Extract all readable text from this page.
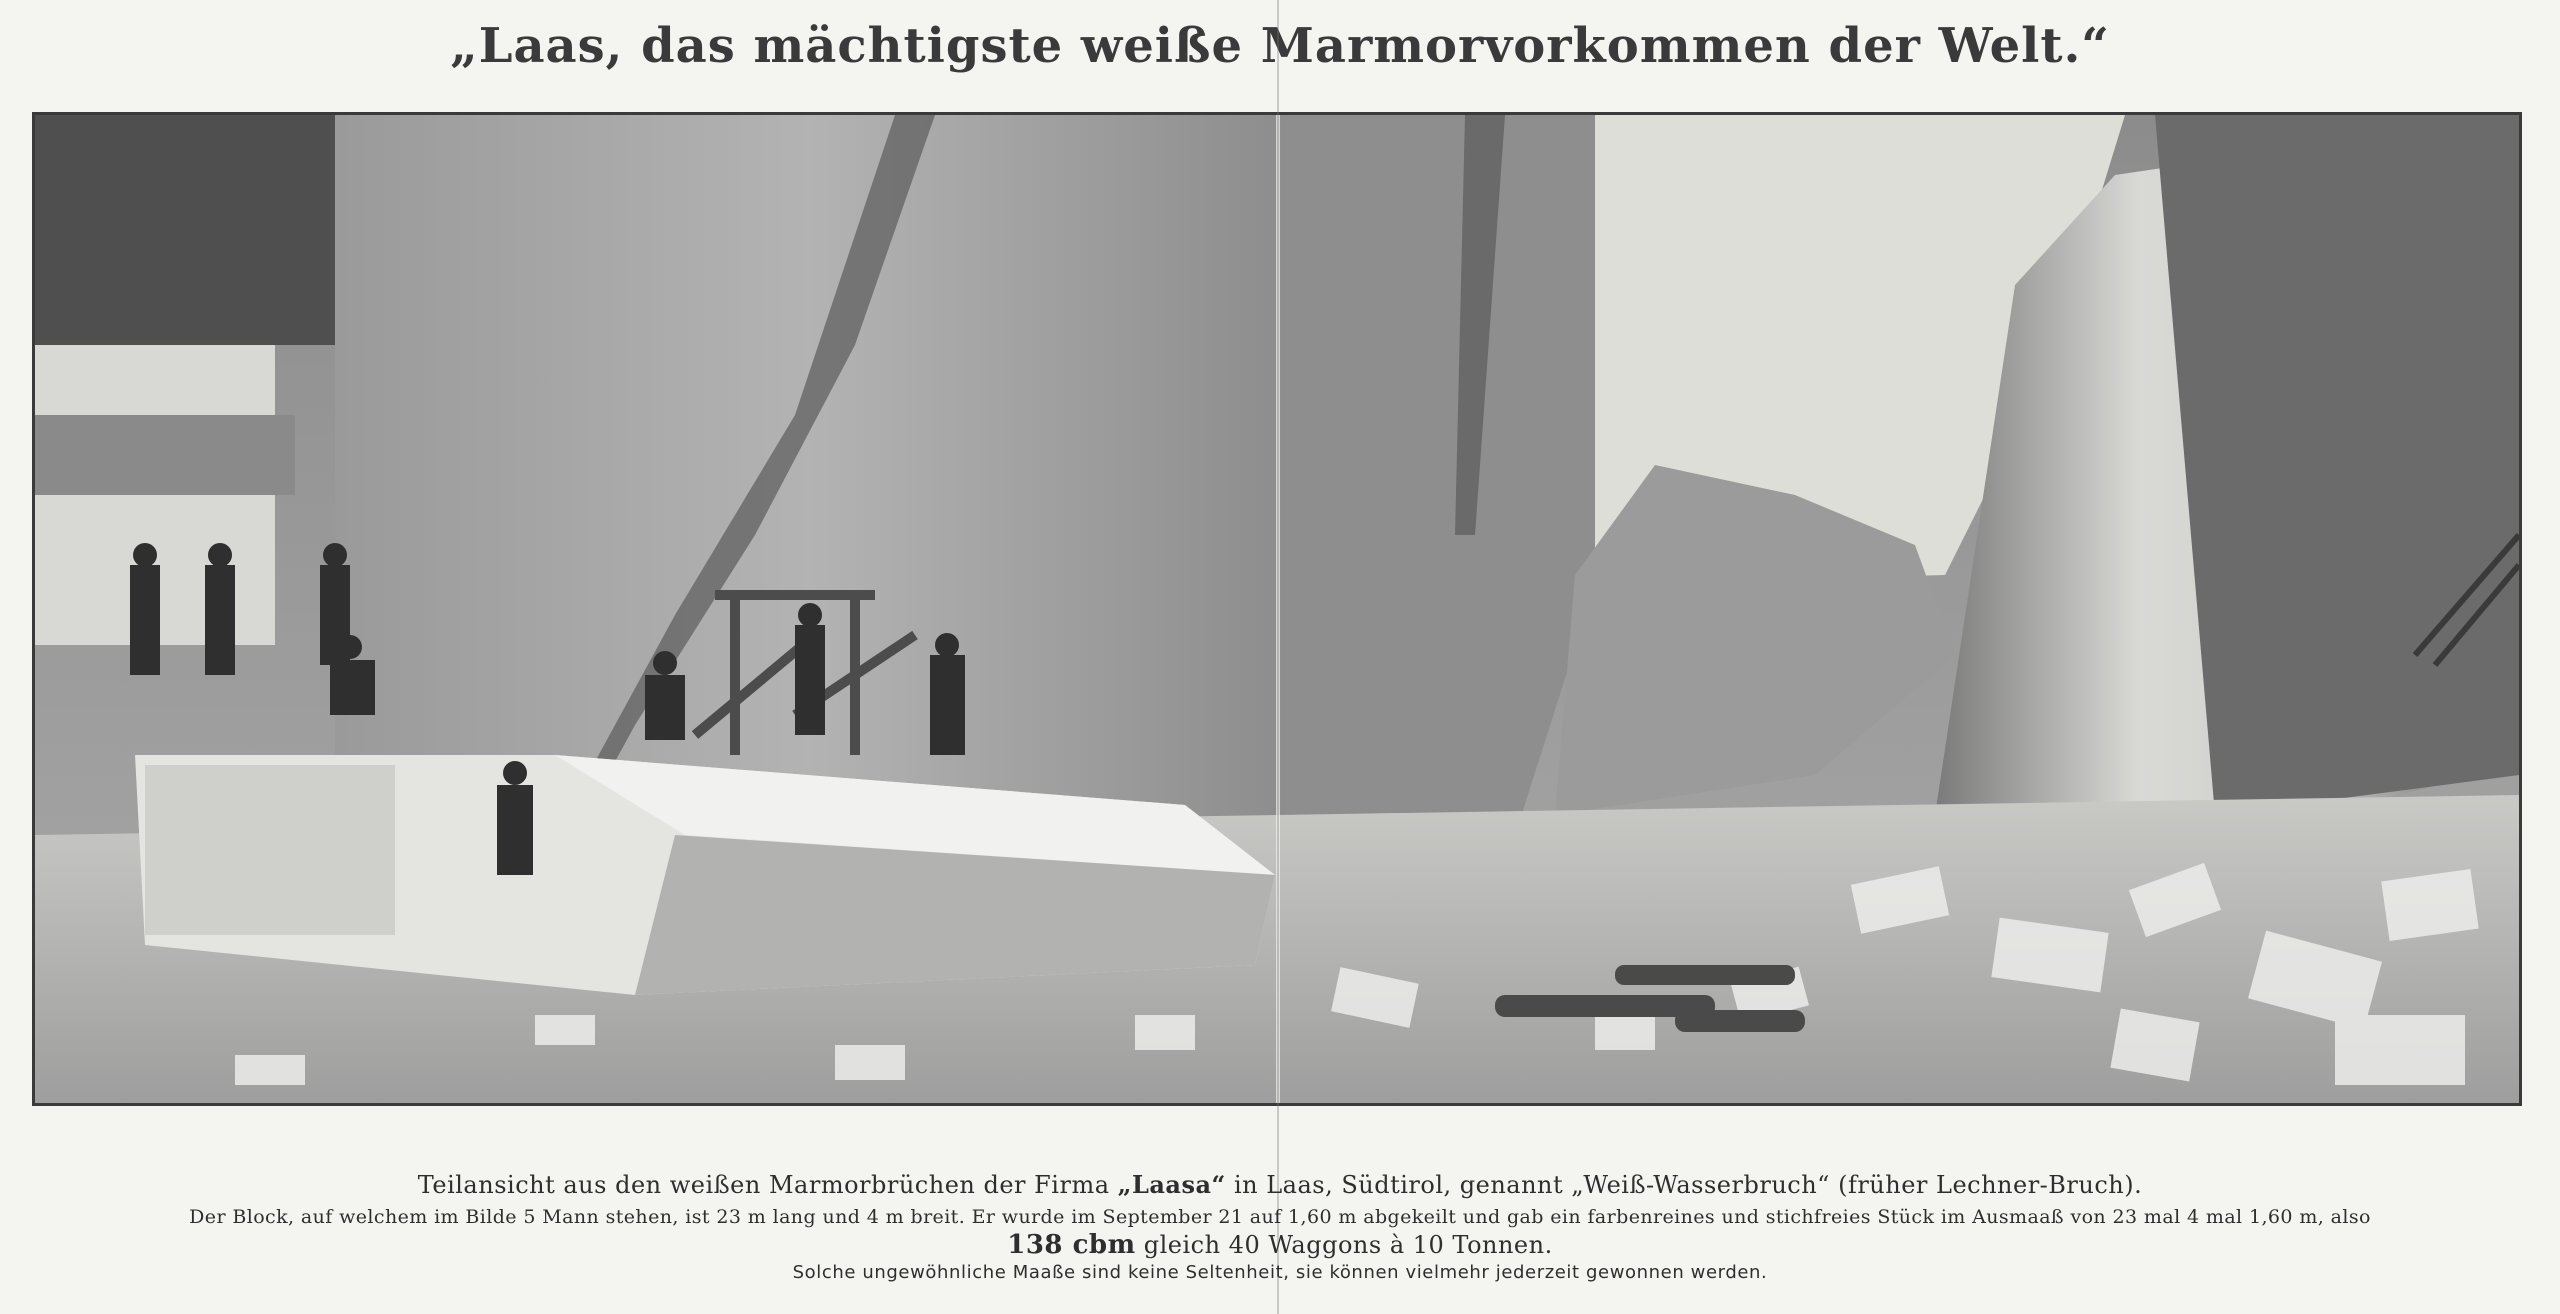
„Laas, das mächtigste weiße Marmorvorkommen der Welt.“
Teilansicht aus den weißen Marmorbrüchen der Firma „Laasa“ in Laas, Südtirol, genannt „Weiß-Wasserbruch“ (früher Lechner-Bruch).
Der Block, auf welchem im Bilde 5 Mann stehen, ist 23 m lang und 4 m breit. Er wurde im September 21 auf 1,60 m abgekeilt und gab ein farbenreines und stichfreies Stück im Ausmaaß von 23 mal 4 mal 1,60 m, also
138 cbm gleich 40 Waggons à 10 Tonnen.
Solche ungewöhnliche Maaße sind keine Seltenheit, sie können vielmehr jederzeit gewonnen werden.
